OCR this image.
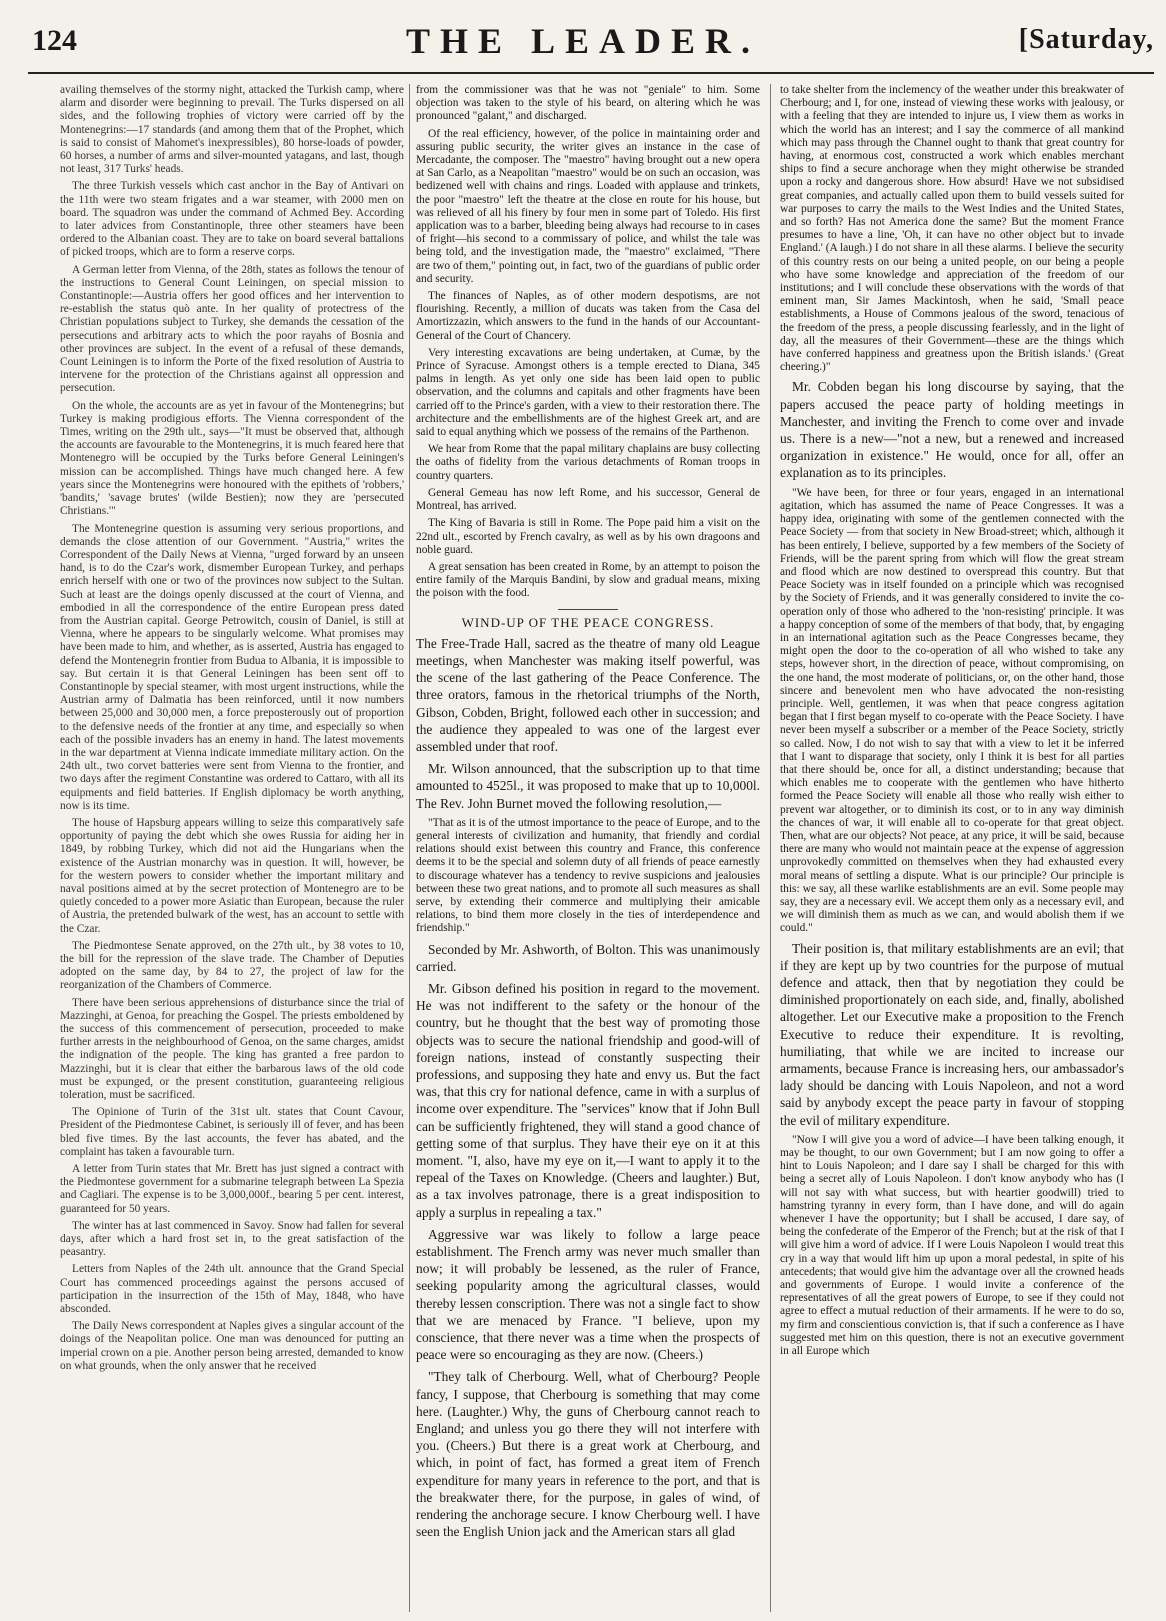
124	THE LEADER.	[Saturday,

availing themselves of the stormy night, attacked the Turkish camp, where alarm and disorder were beginning to prevail. The Turks dispersed on all sides, and the following trophies of victory were carried off by the Montenegrins:—17 standards (and among them that of the Prophet, which is said to consist of Mahomet's inexpressibles), 80 horse-loads of powder, 60 horses, a number of arms and silver-mounted yatagans, and last, though not least, 317 Turks' heads.

The three Turkish vessels which cast anchor in the Bay of Antivari on the 11th were two steam frigates and a war steamer, with 2000 men on board. The squadron was under the command of Achmed Bey. According to later advices from Constantinople, three other steamers have been ordered to the Albanian coast. They are to take on board several battalions of picked troops, which are to form a reserve corps.

A German letter from Vienna, of the 28th, states as follows the tenour of the instructions to General Count Leiningen, on special mission to Constantinople:—Austria offers her good offices and her intervention to re-establish the status quò ante. In her quality of protectress of the Christian populations subject to Turkey, she demands the cessation of the persecutions and arbitrary acts to which the poor rayahs of Bosnia and other provinces are subject. In the event of a refusal of these demands, Count Leiningen is to inform the Porte of the fixed resolution of Austria to intervene for the protection of the Christians against all oppression and persecution.

On the whole, the accounts are as yet in favour of the Montenegrins; but Turkey is making prodigious efforts. The Vienna correspondent of the Times, writing on the 29th ult., says—"It must be observed that, although the accounts are favourable to the Montenegrins, it is much feared here that Montenegro will be occupied by the Turks before General Leiningen's mission can be accomplished. Things have much changed here. A few years since the Montenegrins were honoured with the epithets of 'robbers,' 'bandits,' 'savage brutes' (wilde Bestien); now they are 'persecuted Christians.'"

The Montenegrine question is assuming very serious proportions, and demands the close attention of our Government. "Austria," writes the Correspondent of the Daily News at Vienna, "urged forward by an unseen hand, is to do the Czar's work, dismember European Turkey, and perhaps enrich herself with one or two of the provinces now subject to the Sultan. Such at least are the doings openly discussed at the court of Vienna, and embodied in all the correspondence of the entire European press dated from the Austrian capital. George Petrowitch, cousin of Daniel, is still at Vienna, where he appears to be singularly welcome. What promises may have been made to him, and whether, as is asserted, Austria has engaged to defend the Montenegrin frontier from Budua to Albania, it is impossible to say. But certain it is that General Leiningen has been sent off to Constantinople by special steamer, with most urgent instructions, while the Austrian army of Dalmatia has been reinforced, until it now numbers between 25,000 and 30,000 men, a force preposterously out of proportion to the defensive needs of the frontier at any time, and especially so when each of the possible invaders has an enemy in hand. The latest movements in the war department at Vienna indicate immediate military action. On the 24th ult., two corvet batteries were sent from Vienna to the frontier, and two days after the regiment Constantine was ordered to Cattaro, with all its equipments and field batteries. If English diplomacy be worth anything, now is its time.

The house of Hapsburg appears willing to seize this comparatively safe opportunity of paying the debt which she owes Russia for aiding her in 1849, by robbing Turkey, which did not aid the Hungarians when the existence of the Austrian monarchy was in question. It will, however, be for the western powers to consider whether the important military and naval positions aimed at by the secret protection of Montenegro are to be quietly conceded to a power more Asiatic than European, because the ruler of Austria, the pretended bulwark of the west, has an account to settle with the Czar.

The Piedmontese Senate approved, on the 27th ult., by 38 votes to 10, the bill for the repression of the slave trade. The Chamber of Deputies adopted on the same day, by 84 to 27, the project of law for the reorganization of the Chambers of Commerce.

There have been serious apprehensions of disturbance since the trial of Mazzinghi, at Genoa, for preaching the Gospel. The priests emboldened by the success of this commencement of persecution, proceeded to make further arrests in the neighbourhood of Genoa, on the same charges, amidst the indignation of the people. The king has granted a free pardon to Mazzinghi, but it is clear that either the barbarous laws of the old code must be expunged, or the present constitution, guaranteeing religious toleration, must be sacrificed.

The Opinione of Turin of the 31st ult. states that Count Cavour, President of the Piedmontese Cabinet, is seriously ill of fever, and has been bled five times. By the last accounts, the fever has abated, and the complaint has taken a favourable turn.

A letter from Turin states that Mr. Brett has just signed a contract with the Piedmontese government for a submarine telegraph between La Spezia and Cagliari. The expense is to be 3,000,000f., bearing 5 per cent. interest, guaranteed for 50 years.

The winter has at last commenced in Savoy. Snow had fallen for several days, after which a hard frost set in, to the great satisfaction of the peasantry.

Letters from Naples of the 24th ult. announce that the Grand Special Court has commenced proceedings against the persons accused of participation in the insurrection of the 15th of May, 1848, who have absconded.

The Daily News correspondent at Naples gives a singular account of the doings of the Neapolitan police. One man was denounced for putting an imperial crown on a pie. Another person being arrested, demanded to know on what grounds, when the only answer that he received

from the commissioner was that he was not "geniale" to him. Some objection was taken to the style of his beard, on altering which he was pronounced "galant," and discharged.

Of the real efficiency, however, of the police in maintaining order and assuring public security, the writer gives an instance in the case of Mercadante, the composer. The "maestro" having brought out a new opera at San Carlo, as a Neapolitan "maestro" would be on such an occasion, was bedizened well with chains and rings. Loaded with applause and trinkets, the poor "maestro" left the theatre at the close en route for his house, but was relieved of all his finery by four men in some part of Toledo. His first application was to a barber, bleeding being always had recourse to in cases of fright—his second to a commissary of police, and whilst the tale was being told, and the investigation made, the "maestro" exclaimed, "There are two of them," pointing out, in fact, two of the guardians of public order and security.

The finances of Naples, as of other modern despotisms, are not flourishing. Recently, a million of ducats was taken from the Casa del Amortizzazin, which answers to the fund in the hands of our Accountant-General of the Court of Chancery.

Very interesting excavations are being undertaken, at Cumæ, by the Prince of Syracuse. Amongst others is a temple erected to Diana, 345 palms in length. As yet only one side has been laid open to public observation, and the columns and capitals and other fragments have been carried off to the Prince's garden, with a view to their restoration there. The architecture and the embellishments are of the highest Greek art, and are said to equal anything which we possess of the remains of the Parthenon.

We hear from Rome that the papal military chaplains are busy collecting the oaths of fidelity from the various detachments of Roman troops in country quarters.

General Gemeau has now left Rome, and his successor, General de Montreal, has arrived.

The King of Bavaria is still in Rome. The Pope paid him a visit on the 22nd ult., escorted by French cavalry, as well as by his own dragoons and noble guard.

A great sensation has been created in Rome, by an attempt to poison the entire family of the Marquis Bandini, by slow and gradual means, mixing the poison with the food.

WIND-UP OF THE PEACE CONGRESS.

The Free-Trade Hall, sacred as the theatre of many old League meetings, when Manchester was making itself powerful, was the scene of the last gathering of the Peace Conference. The three orators, famous in the rhetorical triumphs of the North, Gibson, Cobden, Bright, followed each other in succession; and the audience they appealed to was one of the largest ever assembled under that roof.

Mr. Wilson announced, that the subscription up to that time amounted to 4525l., it was proposed to make that up to 10,000l. The Rev. John Burnet moved the following resolution,—

"That as it is of the utmost importance to the peace of Europe, and to the general interests of civilization and humanity, that friendly and cordial relations should exist between this country and France, this conference deems it to be the special and solemn duty of all friends of peace earnestly to discourage whatever has a tendency to revive suspicions and jealousies between these two great nations, and to promote all such measures as shall serve, by extending their commerce and multiplying their amicable relations, to bind them more closely in the ties of interdependence and friendship."

Seconded by Mr. Ashworth, of Bolton. This was unanimously carried.

Mr. Gibson defined his position in regard to the movement. He was not indifferent to the safety or the honour of the country, but he thought that the best way of promoting those objects was to secure the national friendship and good-will of foreign nations, instead of constantly suspecting their professions, and supposing they hate and envy us. But the fact was, that this cry for national defence, came in with a surplus of income over expenditure. The "services" know that if John Bull can be sufficiently frightened, they will stand a good chance of getting some of that surplus. They have their eye on it at this moment. "I, also, have my eye on it,—I want to apply it to the repeal of the Taxes on Knowledge. (Cheers and laughter.) But, as a tax involves patronage, there is a great indisposition to apply a surplus in repealing a tax."

Aggressive war was likely to follow a large peace establishment. The French army was never much smaller than now; it will probably be lessened, as the ruler of France, seeking popularity among the agricultural classes, would thereby lessen conscription. There was not a single fact to show that we are menaced by France. "I believe, upon my conscience, that there never was a time when the prospects of peace were so encouraging as they are now. (Cheers.)

"They talk of Cherbourg. Well, what of Cherbourg? People fancy, I suppose, that Cherbourg is something that may come here. (Laughter.) Why, the guns of Cherbourg cannot reach to England; and unless you go there they will not interfere with you. (Cheers.) But there is a great work at Cherbourg, and which, in point of fact, has formed a great item of French expenditure for many years in reference to the port, and that is the breakwater there, for the purpose, in gales of wind, of rendering the anchorage secure. I know Cherbourg well. I have seen the English Union jack and the American stars all glad

to take shelter from the inclemency of the weather under this breakwater of Cherbourg; and I, for one, instead of viewing these works with jealousy, or with a feeling that they are intended to injure us, I view them as works in which the world has an interest; and I say the commerce of all mankind which may pass through the Channel ought to thank that great country for having, at enormous cost, constructed a work which enables merchant ships to find a secure anchorage when they might otherwise be stranded upon a rocky and dangerous shore. How absurd! Have we not subsidised great companies, and actually called upon them to build vessels suited for war purposes to carry the mails to the West Indies and the United States, and so forth? Has not America done the same? But the moment France presumes to have a line, 'Oh, it can have no other object but to invade England.' (A laugh.) I do not share in all these alarms. I believe the security of this country rests on our being a united people, on our being a people who have some knowledge and appreciation of the freedom of our institutions; and I will conclude these observations with the words of that eminent man, Sir James Mackintosh, when he said, 'Small peace establishments, a House of Commons jealous of the sword, tenacious of the freedom of the press, a people discussing fearlessly, and in the light of day, all the measures of their Government—these are the things which have conferred happiness and greatness upon the British islands.' (Great cheering.)"

Mr. Cobden began his long discourse by saying, that the papers accused the peace party of holding meetings in Manchester, and inviting the French to come over and invade us. There is a new—"not a new, but a renewed and increased organization in existence." He would, once for all, offer an explanation as to its principles.

"We have been, for three or four years, engaged in an international agitation, which has assumed the name of Peace Congresses. It was a happy idea, originating with some of the gentlemen connected with the Peace Society — from that society in New Broad-street; which, although it has been entirely, I believe, supported by a few members of the Society of Friends, will be the parent spring from which will flow the great stream and flood which are now destined to overspread this country. But that Peace Society was in itself founded on a principle which was recognised by the Society of Friends, and it was generally considered to invite the co-operation only of those who adhered to the 'non-resisting' principle. It was a happy conception of some of the members of that body, that, by engaging in an international agitation such as the Peace Congresses became, they might open the door to the co-operation of all who wished to take any steps, however short, in the direction of peace, without compromising, on the one hand, the most moderate of politicians, or, on the other hand, those sincere and benevolent men who have advocated the non-resisting principle. Well, gentlemen, it was when that peace congress agitation began that I first began myself to co-operate with the Peace Society. I have never been myself a subscriber or a member of the Peace Society, strictly so called. Now, I do not wish to say that with a view to let it be inferred that I want to disparage that society, only I think it is best for all parties that there should be, once for all, a distinct understanding; because that which enables me to cooperate with the gentlemen who have hitherto formed the Peace Society will enable all those who really wish either to prevent war altogether, or to diminish its cost, or to in any way diminish the chances of war, it will enable all to co-operate for that great object. Then, what are our objects? Not peace, at any price, it will be said, because there are many who would not maintain peace at the expense of aggression unprovokedly committed on themselves when they had exhausted every moral means of settling a dispute. What is our principle? Our principle is this: we say, all these warlike establishments are an evil. Some people may say, they are a necessary evil. We accept them only as a necessary evil, and we will diminish them as much as we can, and would abolish them if we could."

Their position is, that military establishments are an evil; that if they are kept up by two countries for the purpose of mutual defence and attack, then that by negotiation they could be diminished proportionately on each side, and, finally, abolished altogether. Let our Executive make a proposition to the French Executive to reduce their expenditure. It is revolting, humiliating, that while we are incited to increase our armaments, because France is increasing hers, our ambassador's lady should be dancing with Louis Napoleon, and not a word said by anybody except the peace party in favour of stopping the evil of military expenditure.

"Now I will give you a word of advice—I have been talking enough, it may be thought, to our own Government; but I am now going to offer a hint to Louis Napoleon; and I dare say I shall be charged for this with being a secret ally of Louis Napoleon. I don't know anybody who has (I will not say with what success, but with heartier goodwill) tried to hamstring tyranny in every form, than I have done, and will do again whenever I have the opportunity; but I shall be accused, I dare say, of being the confederate of the Emperor of the French; but at the risk of that I will give him a word of advice. If I were Louis Napoleon I would treat this cry in a way that would lift him up upon a moral pedestal, in spite of his antecedents; that would give him the advantage over all the crowned heads and governments of Europe. I would invite a conference of the representatives of all the great powers of Europe, to see if they could not agree to effect a mutual reduction of their armaments. If he were to do so, my firm and conscientious conviction is, that if such a conference as I have suggested met him on this question, there is not an executive government in all Europe which
